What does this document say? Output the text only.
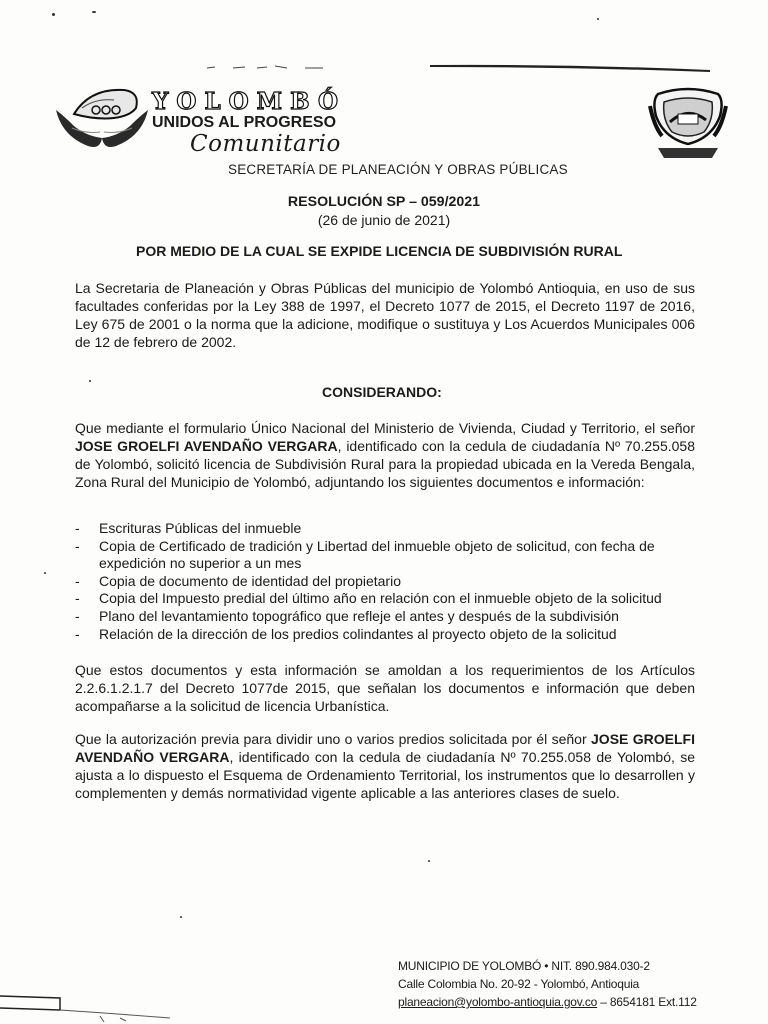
YOLOMBÓ
UNIDOS AL PROGRESO
Comunitario
SECRETARÍA DE PLANEACIÓN Y OBRAS PÚBLICAS
RESOLUCIÓN SP – 059/2021
(26 de junio de 2021)
POR MEDIO DE LA CUAL SE EXPIDE LICENCIA DE SUBDIVISIÓN RURAL
La Secretaria de Planeación y Obras Públicas del municipio de Yolombó Antioquia, en uso de sus facultades conferidas por la Ley 388 de 1997, el Decreto 1077 de 2015, el Decreto 1197 de 2016, Ley 675 de 2001 o la norma que la adicione, modifique o sustituya y Los Acuerdos Municipales 006 de 12 de febrero de 2002.
CONSIDERANDO:
Que mediante el formulario Único Nacional del Ministerio de Vivienda, Ciudad y Territorio, el señor JOSE GROELFI AVENDAÑO VERGARA, identificado con la cedula de ciudadanía Nº 70.255.058 de Yolombó, solicitó licencia de Subdivisión Rural para la propiedad ubicada en la Vereda Bengala, Zona Rural del Municipio de Yolombó, adjuntando los siguientes documentos e información:
- Escrituras Públicas del inmueble
- Copia de Certificado de tradición y Libertad del inmueble objeto de solicitud, con fecha de expedición no superior a un mes
- Copia de documento de identidad del propietario
- Copia del Impuesto predial del último año en relación con el inmueble objeto de la solicitud
- Plano del levantamiento topográfico que refleje el antes y después de la subdivisión
- Relación de la dirección de los predios colindantes al proyecto objeto de la solicitud
Que estos documentos y esta información se amoldan a los requerimientos de los Artículos 2.2.6.1.2.1.7 del Decreto 1077de 2015, que señalan los documentos e información que deben acompañarse a la solicitud de licencia Urbanística.
Que la autorización previa para dividir uno o varios predios solicitada por él señor JOSE GROELFI AVENDAÑO VERGARA, identificado con la cedula de ciudadanía Nº 70.255.058 de Yolombó, se ajusta a lo dispuesto el Esquema de Ordenamiento Territorial, los instrumentos que lo desarrollen y complementen y demás normatividad vigente aplicable a las anteriores clases de suelo.
MUNICIPIO DE YOLOMBÓ • NIT. 890.984.030-2
Calle Colombia No. 20-92 - Yolombó, Antioquia
planeacion@yolombo-antioquia.gov.co – 8654181 Ext.112
